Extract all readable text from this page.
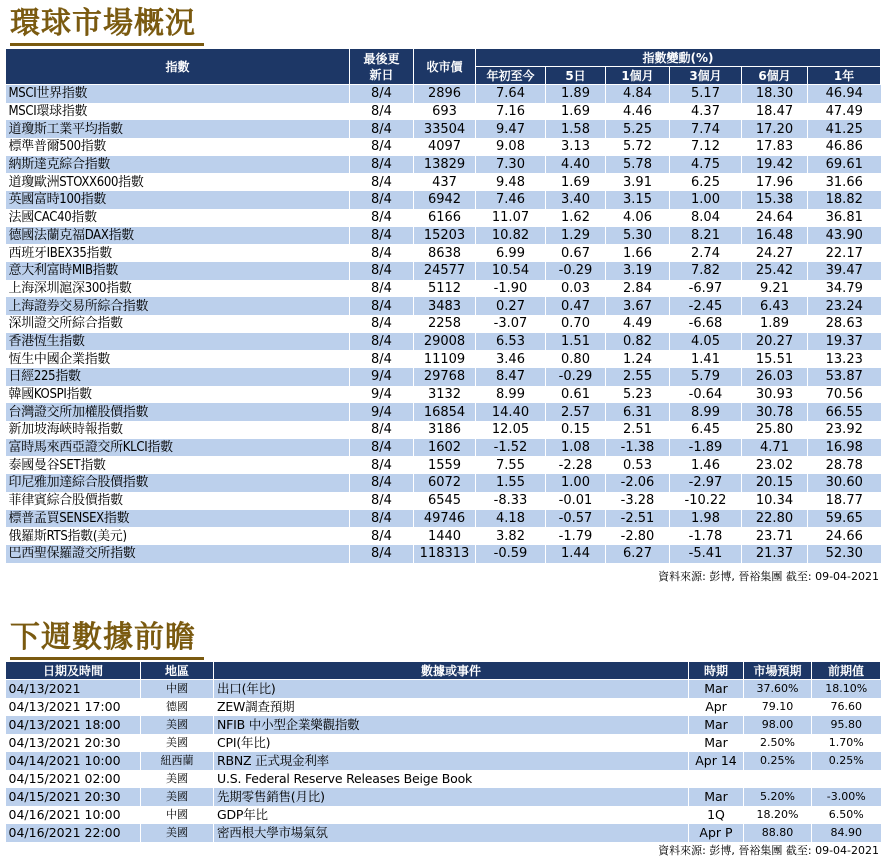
環球市場概況
指數	最後更新日	收市價	指數變動(%)					
			年初至今	5日	1個月	3個月	6個月	1年
MSCI世界指數	8/4	2896	7.64	1.89	4.84	5.17	18.30	46.94
MSCI環球指數	8/4	693	7.16	1.69	4.46	4.37	18.47	47.49
道瓊斯工業平均指數	8/4	33504	9.47	1.58	5.25	7.74	17.20	41.25
標準普爾500指數	8/4	4097	9.08	3.13	5.72	7.12	17.83	46.86
納斯達克綜合指數	8/4	13829	7.30	4.40	5.78	4.75	19.42	69.61
道瓊歐洲STOXX600指數	8/4	437	9.48	1.69	3.91	6.25	17.96	31.66
英國富時100指數	8/4	6942	7.46	3.40	3.15	1.00	15.38	18.82
法國CAC40指數	8/4	6166	11.07	1.62	4.06	8.04	24.64	36.81
德國法蘭克福DAX指數	8/4	15203	10.82	1.29	5.30	8.21	16.48	43.90
西班牙IBEX35指數	8/4	8638	6.99	0.67	1.66	2.74	24.27	22.17
意大利富時MIB指數	8/4	24577	10.54	-0.29	3.19	7.82	25.42	39.47
上海深圳滬深300指數	8/4	5112	-1.90	0.03	2.84	-6.97	9.21	34.79
上海證券交易所綜合指數	8/4	3483	0.27	0.47	3.67	-2.45	6.43	23.24
深圳證交所綜合指數	8/4	2258	-3.07	0.70	4.49	-6.68	1.89	28.63
香港恆生指數	8/4	29008	6.53	1.51	0.82	4.05	20.27	19.37
恆生中國企業指數	8/4	11109	3.46	0.80	1.24	1.41	15.51	13.23
日經225指數	9/4	29768	8.47	-0.29	2.55	5.79	26.03	53.87
韓國KOSPI指數	9/4	3132	8.99	0.61	5.23	-0.64	30.93	70.56
台灣證交所加權股價指數	9/4	16854	14.40	2.57	6.31	8.99	30.78	66.55
新加坡海峽時報指數	8/4	3186	12.05	0.15	2.51	6.45	25.80	23.92
富時馬來西亞證交所KLCI指數	8/4	1602	-1.52	1.08	-1.38	-1.89	4.71	16.98
泰國曼谷SET指數	8/4	1559	7.55	-2.28	0.53	1.46	23.02	28.78
印尼雅加達綜合股價指數	8/4	6072	1.55	1.00	-2.06	-2.97	20.15	30.60
菲律賓綜合股價指數	8/4	6545	-8.33	-0.01	-3.28	-10.22	10.34	18.77
標普孟買SENSEX指數	8/4	49746	4.18	-0.57	-2.51	1.98	22.80	59.65
俄羅斯RTS指數(美元)	8/4	1440	3.82	-1.79	-2.80	-1.78	23.71	24.66
巴西聖保羅證交所指數	8/4	118313	-0.59	1.44	6.27	-5.41	21.37	52.30
資料來源: 彭博, 晉裕集團 截至: 09-04-2021
下週數據前瞻
日期及時間	地區	數據或事件	時期	市場預期	前期值
04/13/2021	中國	出口(年比)	Mar	37.60%	18.10%
04/13/2021 17:00	德國	ZEW調查預期	Apr	79.10	76.60
04/13/2021 18:00	美國	NFIB 中小型企業樂觀指數	Mar	98.00	95.80
04/13/2021 20:30	美國	CPI(年比)	Mar	2.50%	1.70%
04/14/2021 10:00	紐西蘭	RBNZ 正式現金利率	Apr 14	0.25%	0.25%
04/15/2021 02:00	美國	U.S. Federal Reserve Releases Beige Book			
04/15/2021 20:30	美國	先期零售銷售(月比)	Mar	5.20%	-3.00%
04/16/2021 10:00	中國	GDP年比	1Q	18.20%	6.50%
04/16/2021 22:00	美國	密西根大學市場氣氛	Apr P	88.80	84.90
資料來源: 彭博, 晉裕集團 截至: 09-04-2021
